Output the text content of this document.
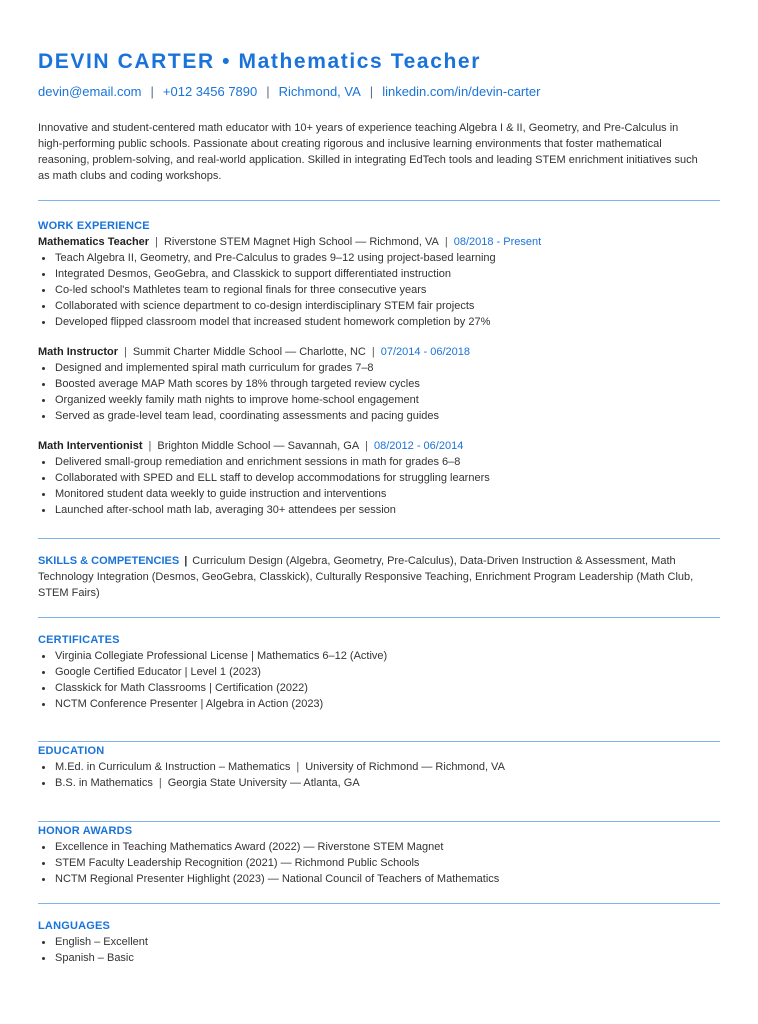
DEVIN CARTER • Mathematics Teacher
devin@email.com | +012 3456 7890 | Richmond, VA | linkedin.com/in/devin-carter

Innovative and student-centered math educator with 10+ years of experience teaching Algebra I & II, Geometry, and Pre-Calculus in high-performing public schools. Passionate about creating rigorous and inclusive learning environments that foster mathematical reasoning, problem-solving, and real-world application. Skilled in integrating EdTech tools and leading STEM enrichment initiatives such as math clubs and coding workshops.

WORK EXPERIENCE
Mathematics Teacher | Riverstone STEM Magnet High School — Richmond, VA | 08/2018 - Present
Teach Algebra II, Geometry, and Pre-Calculus to grades 9–12 using project-based learning
Integrated Desmos, GeoGebra, and Classkick to support differentiated instruction
Co-led school's Mathletes team to regional finals for three consecutive years
Collaborated with science department to co-design interdisciplinary STEM fair projects
Developed flipped classroom model that increased student homework completion by 27%
Math Instructor | Summit Charter Middle School — Charlotte, NC | 07/2014 - 06/2018
Designed and implemented spiral math curriculum for grades 7–8
Boosted average MAP Math scores by 18% through targeted review cycles
Organized weekly family math nights to improve home-school engagement
Served as grade-level team lead, coordinating assessments and pacing guides
Math Interventionist | Brighton Middle School — Savannah, GA | 08/2012 - 06/2014
Delivered small-group remediation and enrichment sessions in math for grades 6–8
Collaborated with SPED and ELL staff to develop accommodations for struggling learners
Monitored student data weekly to guide instruction and interventions
Launched after-school math lab, averaging 30+ attendees per session

SKILLS & COMPETENCIES | Curriculum Design (Algebra, Geometry, Pre-Calculus), Data-Driven Instruction & Assessment, Math Technology Integration (Desmos, GeoGebra, Classkick), Culturally Responsive Teaching, Enrichment Program Leadership (Math Club, STEM Fairs)

CERTIFICATES
Virginia Collegiate Professional License | Mathematics 6–12 (Active)
Google Certified Educator | Level 1 (2023)
Classkick for Math Classrooms | Certification (2022)
NCTM Conference Presenter | Algebra in Action (2023)
EDUCATION
M.Ed. in Curriculum & Instruction – Mathematics | University of Richmond — Richmond, VA
B.S. in Mathematics | Georgia State University — Atlanta, GA
HONOR AWARDS
Excellence in Teaching Mathematics Award (2022) — Riverstone STEM Magnet
STEM Faculty Leadership Recognition (2021) — Richmond Public Schools
NCTM Regional Presenter Highlight (2023) — National Council of Teachers of Mathematics
LANGUAGES
English – Excellent
Spanish – Basic
